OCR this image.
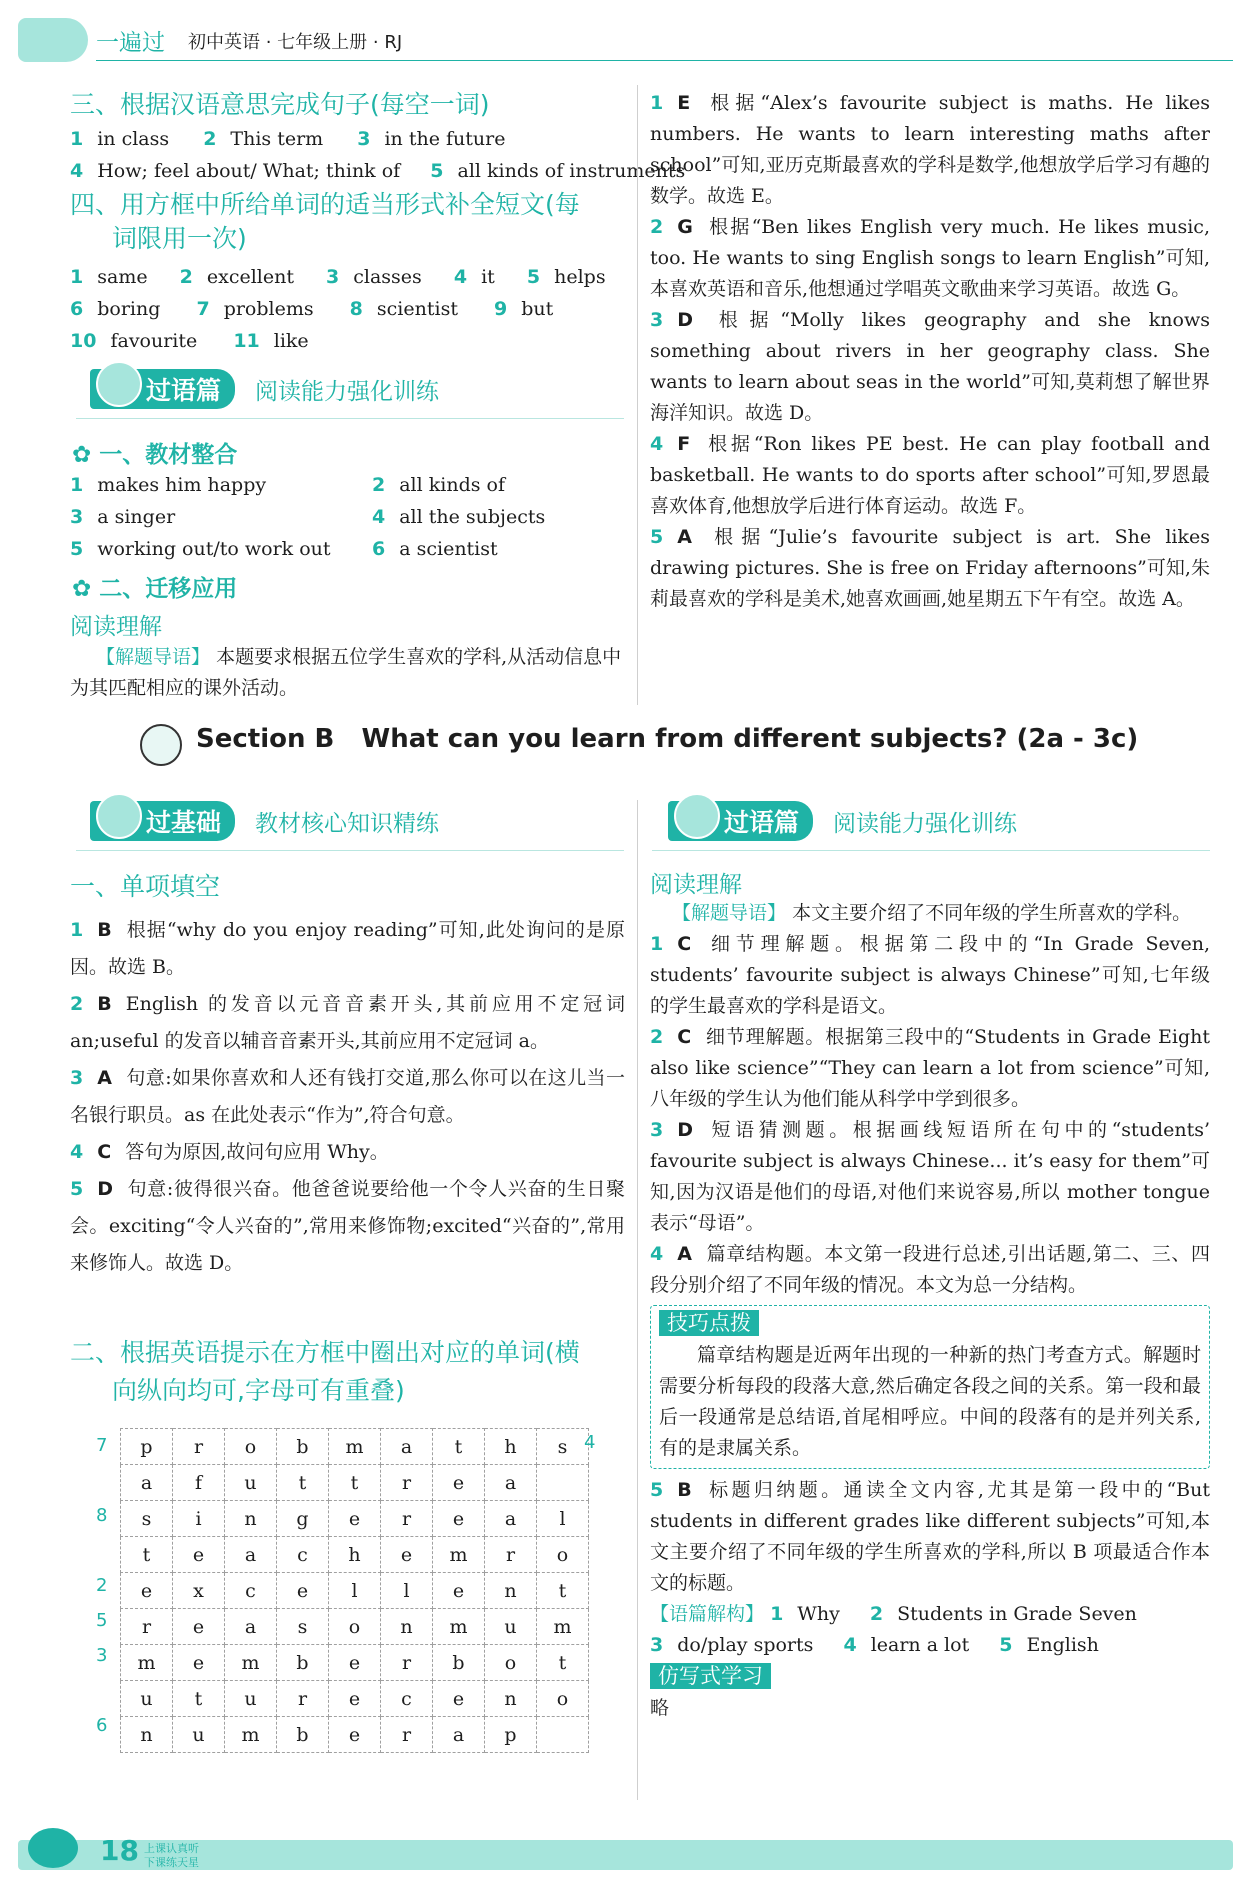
一遍过 初中英语 · 七年级上册 · RJ
三、根据汉语意思完成句子(每空一词)
1 in class 2 This term 3 in the future
4 How; feel about/ What; think of 5 all kinds of instruments
四、用方框中所给单词的适当形式补全短文(每
词限用一次)
1 same 2 excellent 3 classes 4 it 5 helps
6 boring 7 problems 8 scientist 9 but
10 favourite 11 like
过语篇	阅读能力强化训练
✿ 一、教材整合
1 makes him happy	2 all kinds of
3 a singer	4 all the subjects
5 working out/to work out 6 a scientist
✿ 二、迁移应用
阅读理解
【解题导语】 本题要求根据五位学生喜欢的学科,从活动信息中为其匹配相应的课外活动。
1 E 根据“Alex’s favourite subject is maths. He likes numbers. He wants to learn interesting maths after school”可知,亚历克斯最喜欢的学科是数学,他想放学后学习有趣的数学。故选 E。
2 G 根据“Ben likes English very much. He likes music, too. He wants to sing English songs to learn English”可知,本喜欢英语和音乐,他想通过学唱英文歌曲来学习英语。故选 G。
3 D 根据“Molly likes geography and she knows something about rivers in her geography class. She wants to learn about seas in the world”可知,莫莉想了解世界海洋知识。故选 D。
4 F 根据“Ron likes PE best. He can play football and basketball. He wants to do sports after school”可知,罗恩最喜欢体育,他想放学后进行体育运动。故选 F。
5 A 根据“Julie’s favourite subject is art. She likes drawing pictures. She is free on Friday afternoons”可知,朱莉最喜欢的学科是美术,她喜欢画画,她星期五下午有空。故选 A。
Section B   What can you learn from different subjects? (2a - 3c)
过基础	教材核心知识精练
一、单项填空
1 B 根据“why do you enjoy reading”可知,此处询问的是原因。故选 B。
2 B English 的发音以元音音素开头,其前应用不定冠词 an;useful 的发音以辅音音素开头,其前应用不定冠词 a。
3 A 句意:如果你喜欢和人还有钱打交道,那么你可以在这儿当一名银行职员。as 在此处表示“作为”,符合句意。
4 C 答句为原因,故问句应用 Why。
5 D 句意:彼得很兴奋。他爸爸说要给他一个令人兴奋的生日聚会。exciting“令人兴奋的”,常用来修饰物;excited“兴奋的”,常用来修饰人。故选 D。
二、根据英语提示在方框中圈出对应的单词(横
向纵向均可,字母可有重叠)
p	r	o	b	m	a	t	h	s
a	f	u	t	t	r	e	a	
s	i	n	g	e	r	e	a	l
t	e	a	c	h	e	m	r	o
e	x	c	e	l	l	e	n	t
r	e	a	s	o	n	m	u	m
m	e	m	b	e	r	b	o	t
u	t	u	r	e	c	e	n	o
n	u	m	b	e	r	a	p	
7
8
2
5
3
6
4
过语篇	阅读能力强化训练
阅读理解
【解题导语】 本文主要介绍了不同年级的学生所喜欢的学科。
1 C 细节理解题。根据第二段中的“In Grade Seven, students’ favourite subject is always Chinese”可知,七年级的学生最喜欢的学科是语文。
2 C 细节理解题。根据第三段中的“Students in Grade Eight also like science”“They can learn a lot from science”可知,八年级的学生认为他们能从科学中学到很多。
3 D 短语猜测题。根据画线短语所在句中的“students’ favourite subject is always Chinese... it’s easy for them”可知,因为汉语是他们的母语,对他们来说容易,所以 mother tongue 表示“母语”。
4 A 篇章结构题。本文第一段进行总述,引出话题,第二、三、四段分别介绍了不同年级的情况。本文为总一分结构。
技巧点拨
篇章结构题是近两年出现的一种新的热门考查方式。解题时需要分析每段的段落大意,然后确定各段之间的关系。第一段和最后一段通常是总结语,首尾相呼应。中间的段落有的是并列关系,有的是隶属关系。
5 B 标题归纳题。通读全文内容,尤其是第一段中的“But students in different grades like different subjects”可知,本文主要介绍了不同年级的学生所喜欢的学科,所以 B 项最适合作本文的标题。
【语篇解构】 1 Why 2 Students in Grade Seven
3 do/play sports 4 learn a lot 5 English
仿写式学习
略
18 上课认真听
下课练天星
